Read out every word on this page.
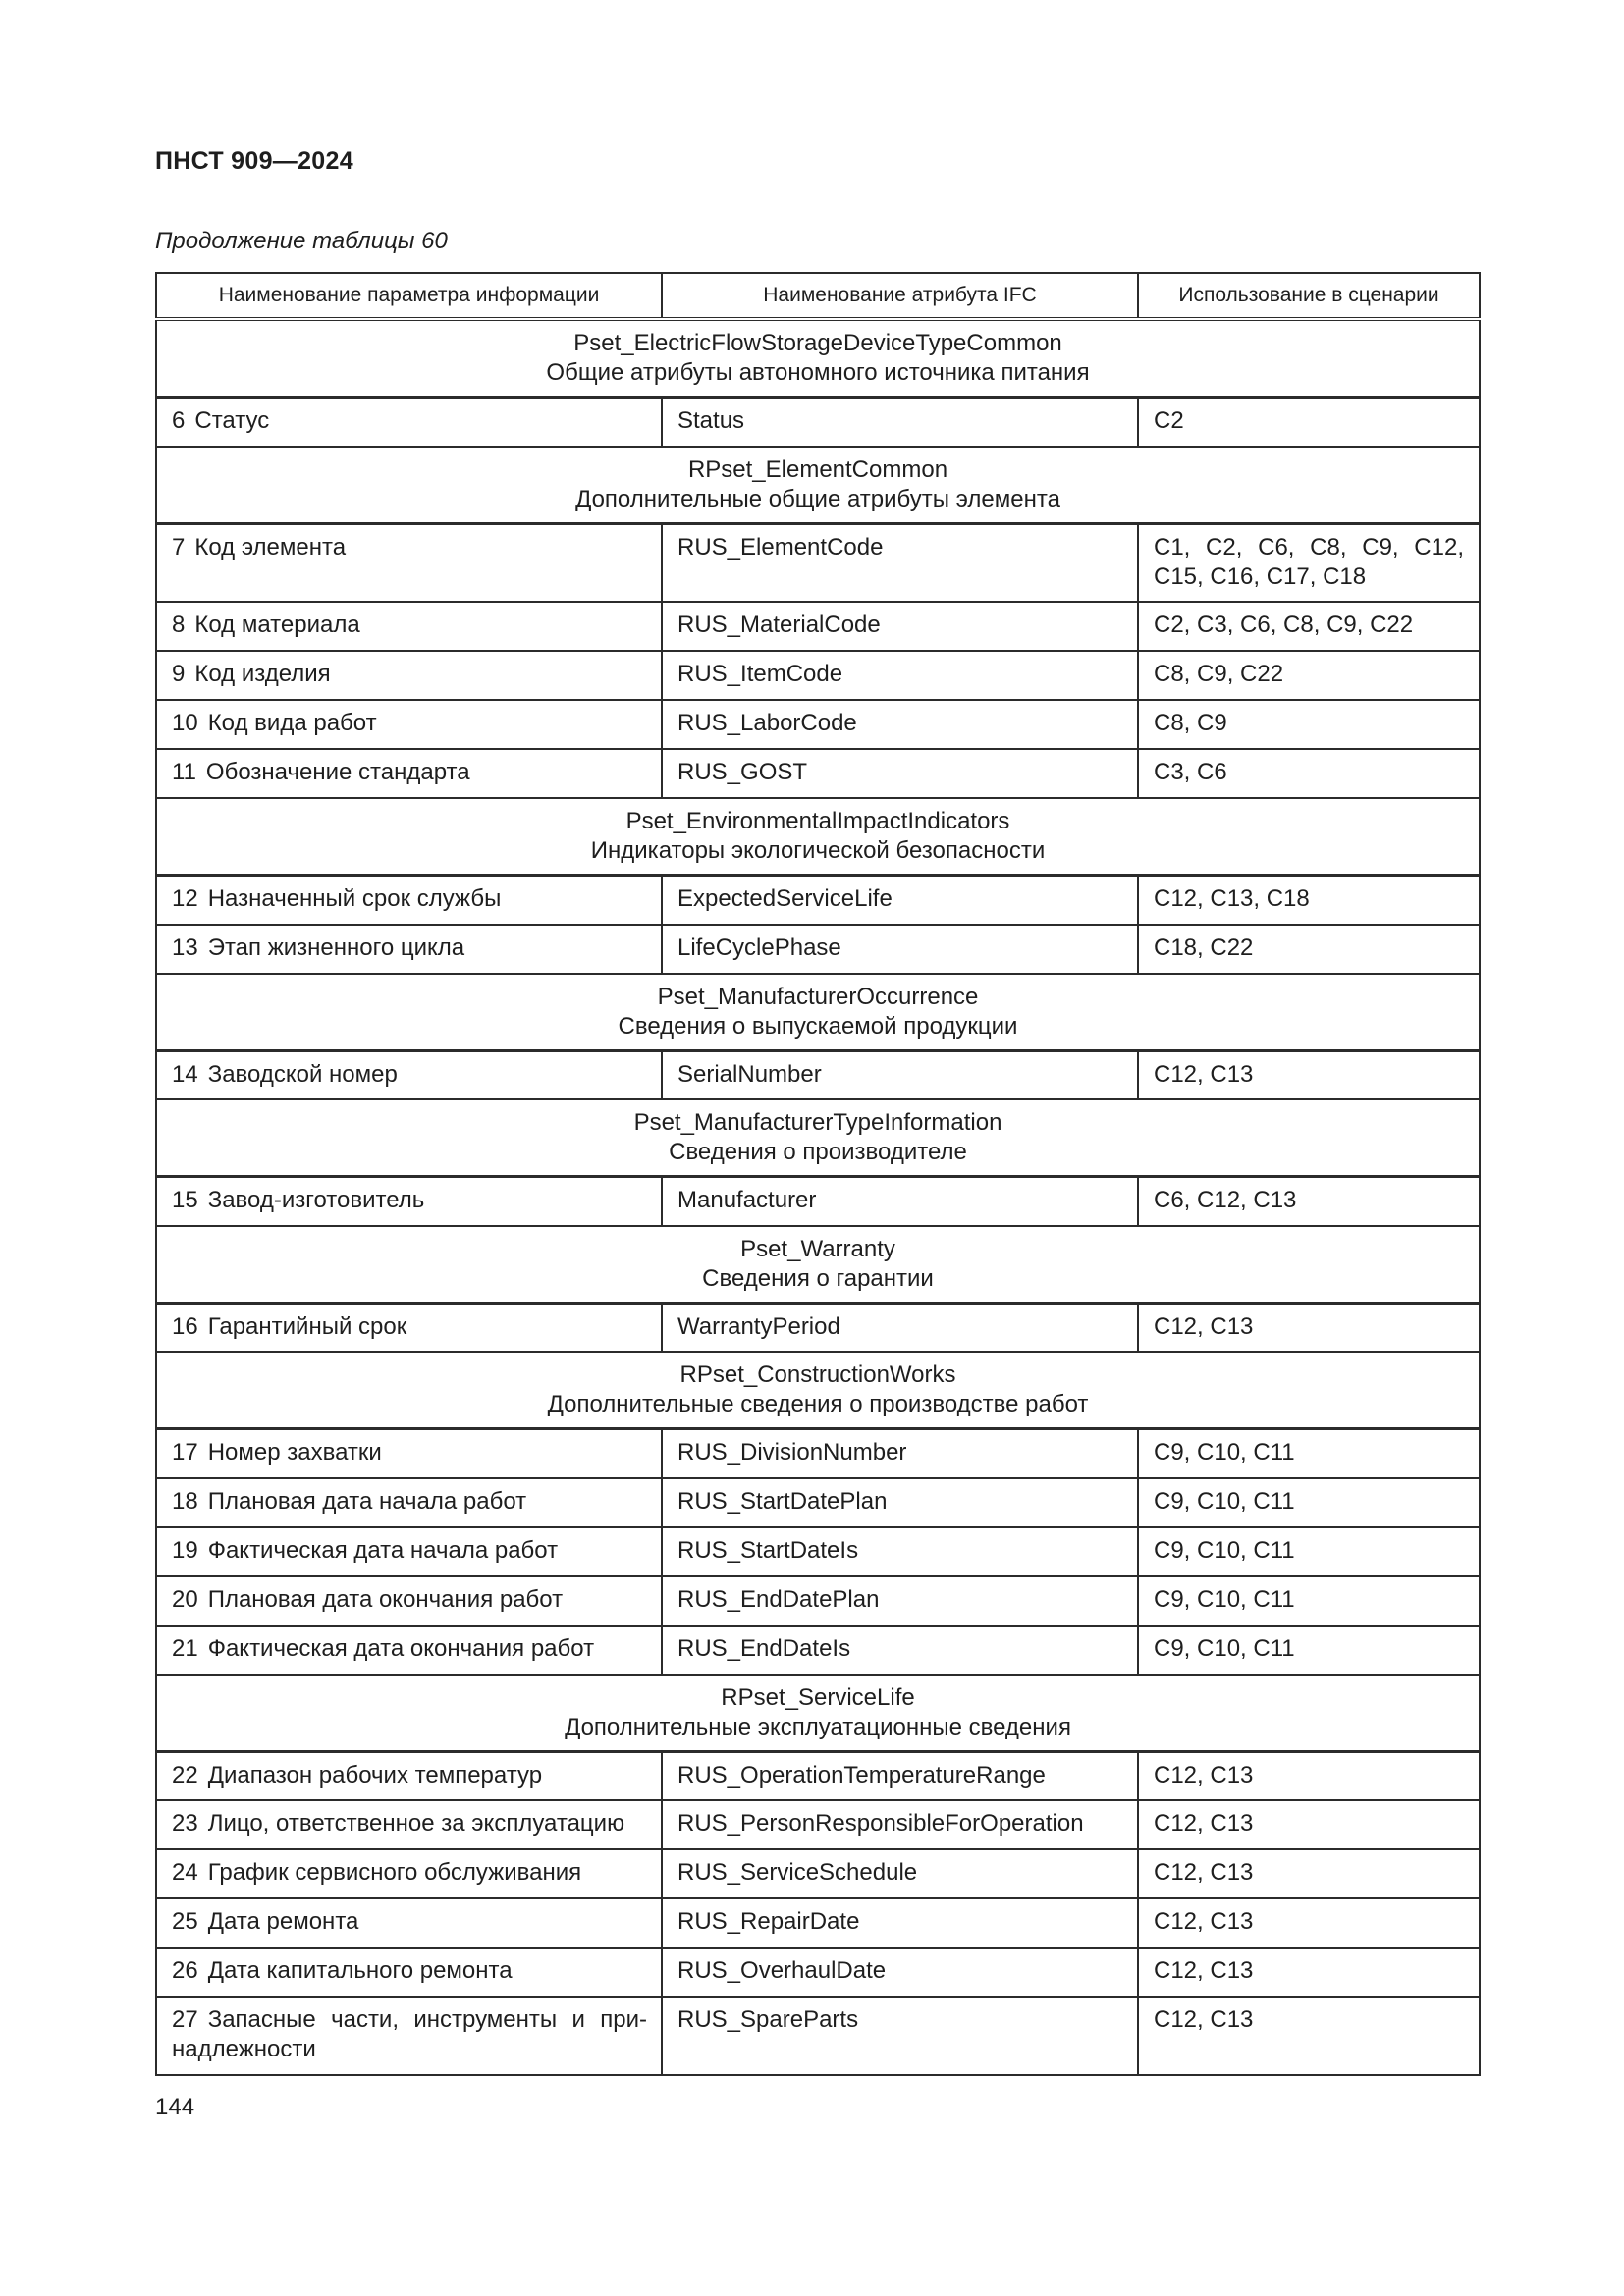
ПНСТ 909—2024
Продолжение таблицы 60
Наименование параметра информации	Наименование атрибута IFC	Использование в сценарии

Pset_ElectricFlowStorageDeviceTypeCommon
Общие атрибуты автономного источника питания		

6 Статус	Status	C2

RPset_ElementCommon
Дополнительные общие атрибуты элемента		

7 Код элемента	RUS_ElementCode	C1, C2, C6, C8, C9, C12, C15, C16, C17, C18
8 Код материала	RUS_MaterialCode	C2, C3, C6, C8, C9, C22
9 Код изделия	RUS_ItemCode	C8, C9, C22
10 Код вида работ	RUS_LaborCode	C8, C9
11 Обозначение стандарта	RUS_GOST	C3, C6

Pset_EnvironmentalImpactIndicators
Индикаторы экологической безопасности		

12 Назначенный срок службы	ExpectedServiceLife	C12, C13, C18
13 Этап жизненного цикла	LifeCyclePhase	C18, C22

Pset_ManufacturerOccurrence
Сведения о выпускаемой продукции		

14 Заводской номер	SerialNumber	C12, C13

Pset_ManufacturerTypeInformation
Сведения о производителе		

15 Завод-изготовитель	Manufacturer	C6, C12, C13

Pset_Warranty
Сведения о гарантии		

16 Гарантийный срок	WarrantyPeriod	C12, C13

RPset_ConstructionWorks
Дополнительные сведения о производстве работ		

17 Номер захватки	RUS_DivisionNumber	C9, C10, C11
18 Плановая дата начала работ	RUS_StartDatePlan	C9, C10, C11
19 Фактическая дата начала работ	RUS_StartDateIs	C9, C10, C11
20 Плановая дата окончания работ	RUS_EndDatePlan	C9, C10, C11
21 Фактическая дата окончания работ	RUS_EndDateIs	C9, C10, C11

RPset_ServiceLife
Дополнительные эксплуатационные сведения		

22 Диапазон рабочих температур	RUS_OperationTemperatureRange	C12, C13
23 Лицо, ответственное за эксплуатацию	RUS_PersonResponsibleForOperation	C12, C13
24 График сервисного обслуживания	RUS_ServiceSchedule	C12, C13
25 Дата ремонта	RUS_RepairDate	C12, C13
26 Дата капитального ремонта	RUS_OverhaulDate	C12, C13
27 Запасные части, инструменты и принадлежности	RUS_SpareParts	C12, C13
144
